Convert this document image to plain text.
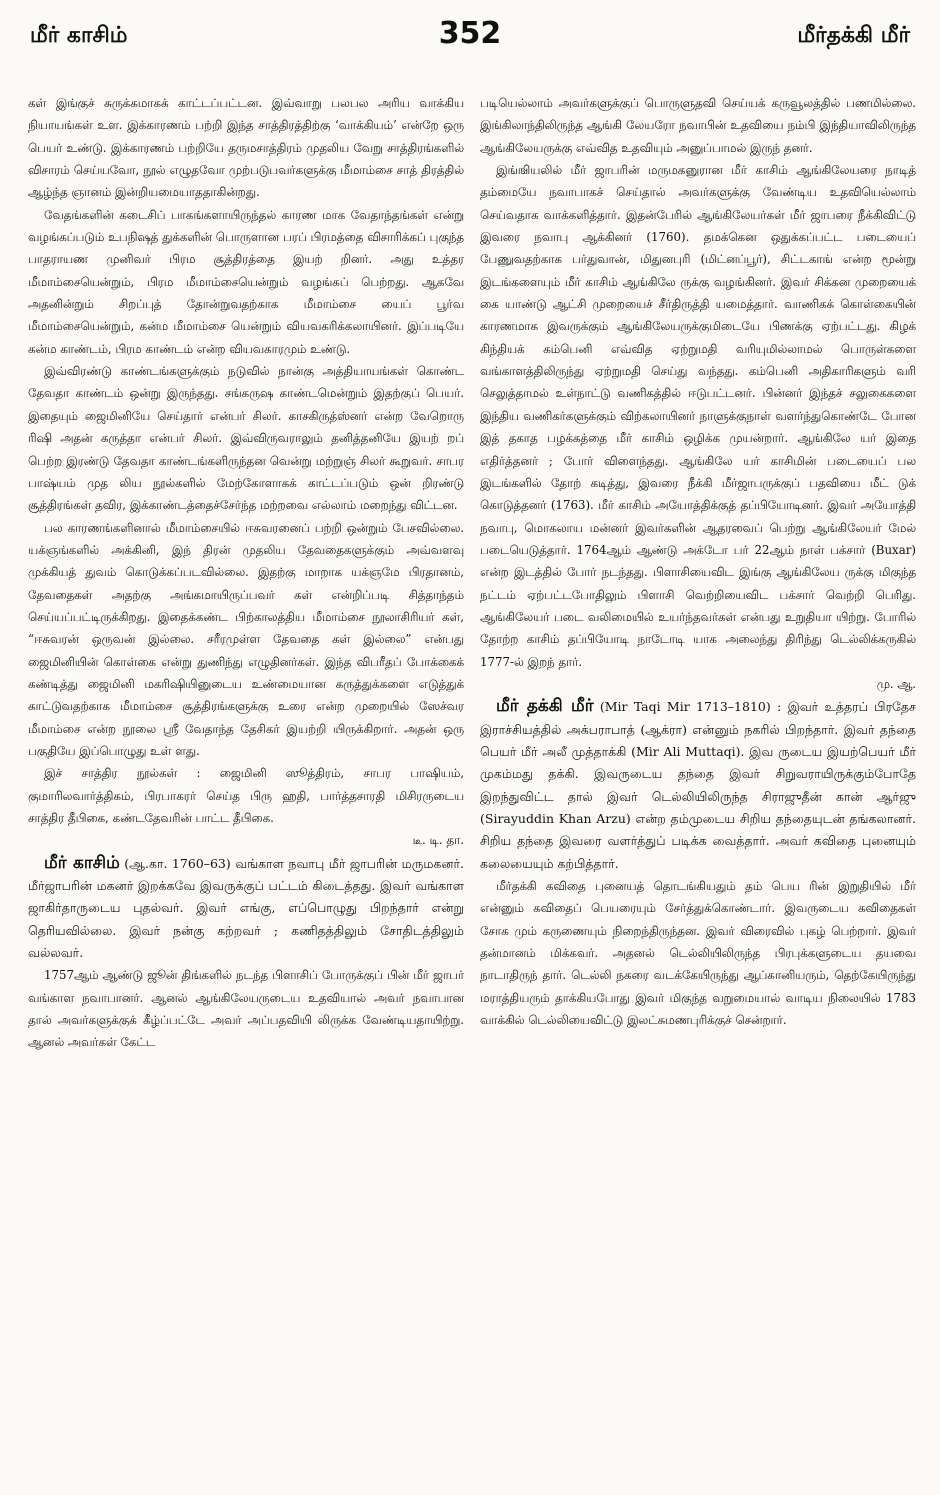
மீர் காசிம்	352	மீர்தக்கி மீர்

கள் இங்குச் சுருக்கமாகக் காட்டப்பட்டன. இவ்வாறு பலபல அரிய வாக்கிய நியாயங்கள் உள. இக்காரணம் பற்றி இந்த சாத்திரத்திற்கு ‘வாக்கியம்’ என்றே ஒரு பெயர் உண்டு. இக்காரணம் பற்றியே தருமசாத்திரம் முதலிய வேறு சாத்திரங்களில் விசாரம் செய்யவோ, நூல் எழுதவோ முற்படுபவர்களுக்கு மீமாம்சை சாத் திரத்தில் ஆழ்ந்த ஞானம் இன்றியமையாததாகின்றது.

வேதங்களின் கடைசிப் பாகங்களாயிருந்தல் காரண மாக வேதாந்தங்கள் என்று வழங்கப்படும் உபநிஷத் துக்களின் பொருளான பரப் பிரமத்தை விசாரிக்கப் புகுந்த பாதராயண முனிவர் பிரம சூத்திரத்தை இயற் றினர். அது உத்தர மீமாம்சையென்றும், பிரம மீமாம்சையென்றும் வழங்கப் பெற்றது. ஆகவே அதனின்றும் சிறப்புத் தோன்றுவதற்காக மீமாம்சை யைப் பூர்வ மீமாம்சையென்றும், கன்ம மீமாம்சை யென்றும் வியவகரிக்கலாயினர். இப்படியே கன்ம காண்டம், பிரம காண்டம் என்ற வியவகாரமும் உண்டு.

இவ்விரண்டு காண்டங்களுக்கும் நடுவில் நான்கு அத்தியாயங்கள் கொண்ட தேவதா காண்டம் ஒன்று இருந்தது. சங்கருஷ காண்டமென்றும் இதற்குப் பெயர். இதையும் ஜைமினியே செய்தார் என்பர் சிலர். காசகிருத்ஸ்னர் என்ற வேறொரு ரிஷி அதன் கருத்தா என்பர் சிலர். இவ்விருவராலும் தனித்தனியே இயற் றப் பெற்ற இரண்டு தேவதா காண்டங்களிருந்தன வென்று மற்றுஞ் சிலர் கூறுவர். சாபர பாஷ்யம் முத லிய நூல்களில் மேற்கோளாகக் காட்டப்படும் ஒன் றிரண்டு சூத்திரங்கள் தவிர, இக்காண்டத்தைச்சேர்ந்த மற்றவை எல்லாம் மறைந்து விட்டன.

பல காரணங்களினால் மீமாம்சையில் ஈசுவரனைப் பற்றி ஒன்றும் பேசவில்லை. யக்ஞங்களில் அக்கினி, இந் திரன் முதலிய தேவதைகளுக்கும் அவ்வளவு முக்கியத் துவம் கொடுக்கப்படவில்லை. இதற்கு மாறாக யக்ஞமே பிரதானம், தேவதைகள் அதற்கு அங்கமாயிருப்பவர் கள் என்றிப்படி சித்தாந்தம் செய்யப்பட்டிருக்கிறது. இதைக்கண்ட பிற்காலத்திய மீமாம்சை நூலாசிரியர் கள், “ஈசுவரன் ஒருவன் இல்லை. சரீரமுள்ள தேவதை கள் இல்லை” என்பது ஜைமினியின் கொள்கை என்று துணிந்து எழுதினர்கள். இந்த விபரீதப் போக்கைக் கண்டித்து ஜைமினி மகரிஷியினுடைய உண்மையான கருத்துக்களை எடுத்துக் காட்டுவதற்காக மீமாம்சை சூத்திரங்களுக்கு உரை என்ற முறையில் ஸேச்வர மீமாம்சை என்ற நூலை ஸ்ரீ வேதாந்த தேசிகர் இயற்றி யிருக்கிறார். அதன் ஒரு பகுதியே இப்பொழுது உள் ளது.

இச் சாத்திர நூல்கள் : ஜைமினி ஸூத்திரம், சாபர பாஷியம், குமாரிலவார்த்திகம், பிரபாகரர் செய்த பிரு ஹதி, பார்த்தசாரதி மிசிரருடைய சாத்திர தீபிகை, கண்டதேவரின் பாட்ட தீபிகை.
டீ. டி. தா.

மீர் காசிம் (ஆ.கா. 1760–63) வங்காள நவாபு மீர் ஜாபரின் மருமகனர். மீர்ஜாபரின் மகனர் இறக்கவே இவருக்குப் பட்டம் கிடைத்தது. இவர் வங்காள ஜாகிர்தாருடைய புதல்வர். இவர் எங்கு, எப்பொழுது பிறந்தார் என்று தெரியவில்லை. இவர் நன்கு கற்றவர் ; கணிதத்திலும் சோதிடத்திலும் வல்லவர்.

1757ஆம் ஆண்டு ஜூன் திங்களில் நடந்த பிளாசிப் போருக்குப் பின் மீர் ஜாபர் வங்காள நவாபானர். ஆனல் ஆங்கிலேயருடைய உதவியால் அவர் நவாபான தால் அவர்களுக்குக் கீழ்ப்பட்டே அவர் அப்பதவியி லிருக்க வேண்டியதாயிற்று. ஆனல் அவர்கள் கேட்ட

படியெல்லாம் அவர்களுக்குப் பொருளுதவி செய்யக் கருவூலத்தில் பணமில்லை. இங்கிலாந்திலிருந்த ஆங்கி லேயரோ நவாபின் உதவியை நம்பி இந்தியாவிலிருந்த ஆங்கிலேயருக்கு எவ்வித உதவியும் அனுப்பாமல் இருந் தனர்.

இங்ஙியலில் மீர் ஜாபரின் மருமகனுரான மீர் காசிம் ஆங்கிலேயரை நாடித் தம்மையே நவாபாகச் செய்தால் அவர்களுக்கு வேண்டிய உதவியெல்லாம் செய்வதாக வாக்களித்தார். இதன்பேரில் ஆங்கிலேயர்கள் மீர் ஜாபரை நீக்கிவிட்டு இவரை நவாபு ஆக்கினர் (1760). தமக்கென ஒதுக்கப்பட்ட படையைப் பேணுவதற்காக பர்துவான், மிதுனபுரி (மிட்னப்பூர்), சிட்டகாங் என்ற மூன்று இடங்களையும் மீர் காசிம் ஆங்கிலே ருக்கு வழங்கினர். இவர் சிக்கன முறையைக் கை யாண்டு ஆட்சி முறையைச் சீர்திருத்தி யமைத்தார். வாணிகக் கொள்கையின் காரணமாக இவருக்கும் ஆங்கிலேயருக்குமிடையே பிணக்கு ஏற்பட்டது. கிழக் கிந்தியக் கம்பெனி எவ்வித ஏற்றுமதி வரியுமில்லாமல் பொருள்களை வங்காளத்திலிருந்து ஏற்றுமதி செய்து வந்தது. கம்பெனி அதிகாரிகளும் வரி செலுத்தாமல் உள்நாட்டு வணிகத்தில் ஈடுபட்டனர். பின்னர் இந்தச் சலுகைகளை இந்திய வணிகர்களுக்கும் விற்கலாயினர் நாளுக்குநாள் வளர்ந்துகொண்டே போன இத் தகாத பழக்கத்தை மீர் காசிம் ஒழிக்க முயன்றார். ஆங்கிலே யர் இதை எதிர்த்தனர் ; போர் விளைந்தது. ஆங்கிலே யர் காசிமின் படையைப் பல இடங்களில் தோற் கடித்து, இவரை நீக்கி மீர்ஜாபருக்குப் பதவியை மீட் டுக் கொடுத்தனர் (1763). மீர் காசிம் அயோத்திக்குத் தப்பியோடினர். இவர் அயோத்தி நவாபு, மொகலாய மன்னர் இவர்களின் ஆதரவைப் பெற்று ஆங்கிலேயர் மேல் படையெடுத்தார். 1764ஆம் ஆண்டு அக்டோ பர் 22ஆம் நாள் பக்சார் (Buxar) என்ற இடத்தில் போர் நடந்தது. பிளாசியைவிட இங்கு ஆங்கிலேய ருக்கு மிகுந்த நட்டம் ஏற்பட்டபோதிலும் பிளாசி வெற்றியைவிட பக்சார் வெற்றி பெரிது. ஆங்கிலேயர் படை வலிமையில் உயர்ந்தவர்கள் என்பது உறுதியா யிற்று. போரில் தோற்ற காசிம் தப்பியோடி நாடோடி யாக அலைந்து திரிந்து டெல்லிக்கருகில் 1777-ல் இறந் தார்.
மு. ஆ.

மீர் தக்கி மீர் (Mir Taqi Mir 1713–1810) : இவர் உத்தரப் பிரதேச இராச்சியத்தில் அக்பராபாத் (ஆக்ரா) என்னும் நகரில் பிறந்தார். இவர் தந்தை பெயர் மீர் அலீ முத்தாக்கி (Mir Ali Muttaqi). இவ ருடைய இயற்பெயர் மீர் முகம்மது தக்கி. இவருடைய தந்தை இவர் சிறுவராயிருக்கும்போதே இறந்துவிட்ட தால் இவர் டெல்லியிலிருந்த சிராஜுதீன் கான் ஆர்ஜு (Sirayuddin Khan Arzu) என்ற தம்முடைய சிறிய தந்தையுடன் தங்கலானர். சிறிய தந்தை இவரை வளர்த்துப் படிக்க வைத்தார். அவர் கவிதை புனையும் கலையையும் கற்பித்தார்.

மீர்தக்கி கவிதை புனையத் தொடங்கியதும் தம் பெய ரின் இறுதியில் மீர் என்னும் கவிதைப் பெயரையும் சேர்த்துக்கொண்டார். இவருடைய கவிதைகள் சோக மும் கருணையும் நிறைந்திருந்தன. இவர் விரைவில் புகழ் பெற்றார். இவர் தன்மானம் மிக்கவர். அதனல் டெல்லியிலிருந்த பிரபுக்களுடைய தயவை நாடாதிருந் தார். டெல்லி நகரை வடக்கேயிருந்து ஆப்கானியரும், தெற்கேயிருந்து மராத்தியரும் தாக்கியபோது இவர் மிகுந்த வறுமையால் வாடிய நிலையில் 1783 வாக்கில் டெல்லியைவிட்டு இலட்சுமணபுரிக்குச் சென்றார்.
